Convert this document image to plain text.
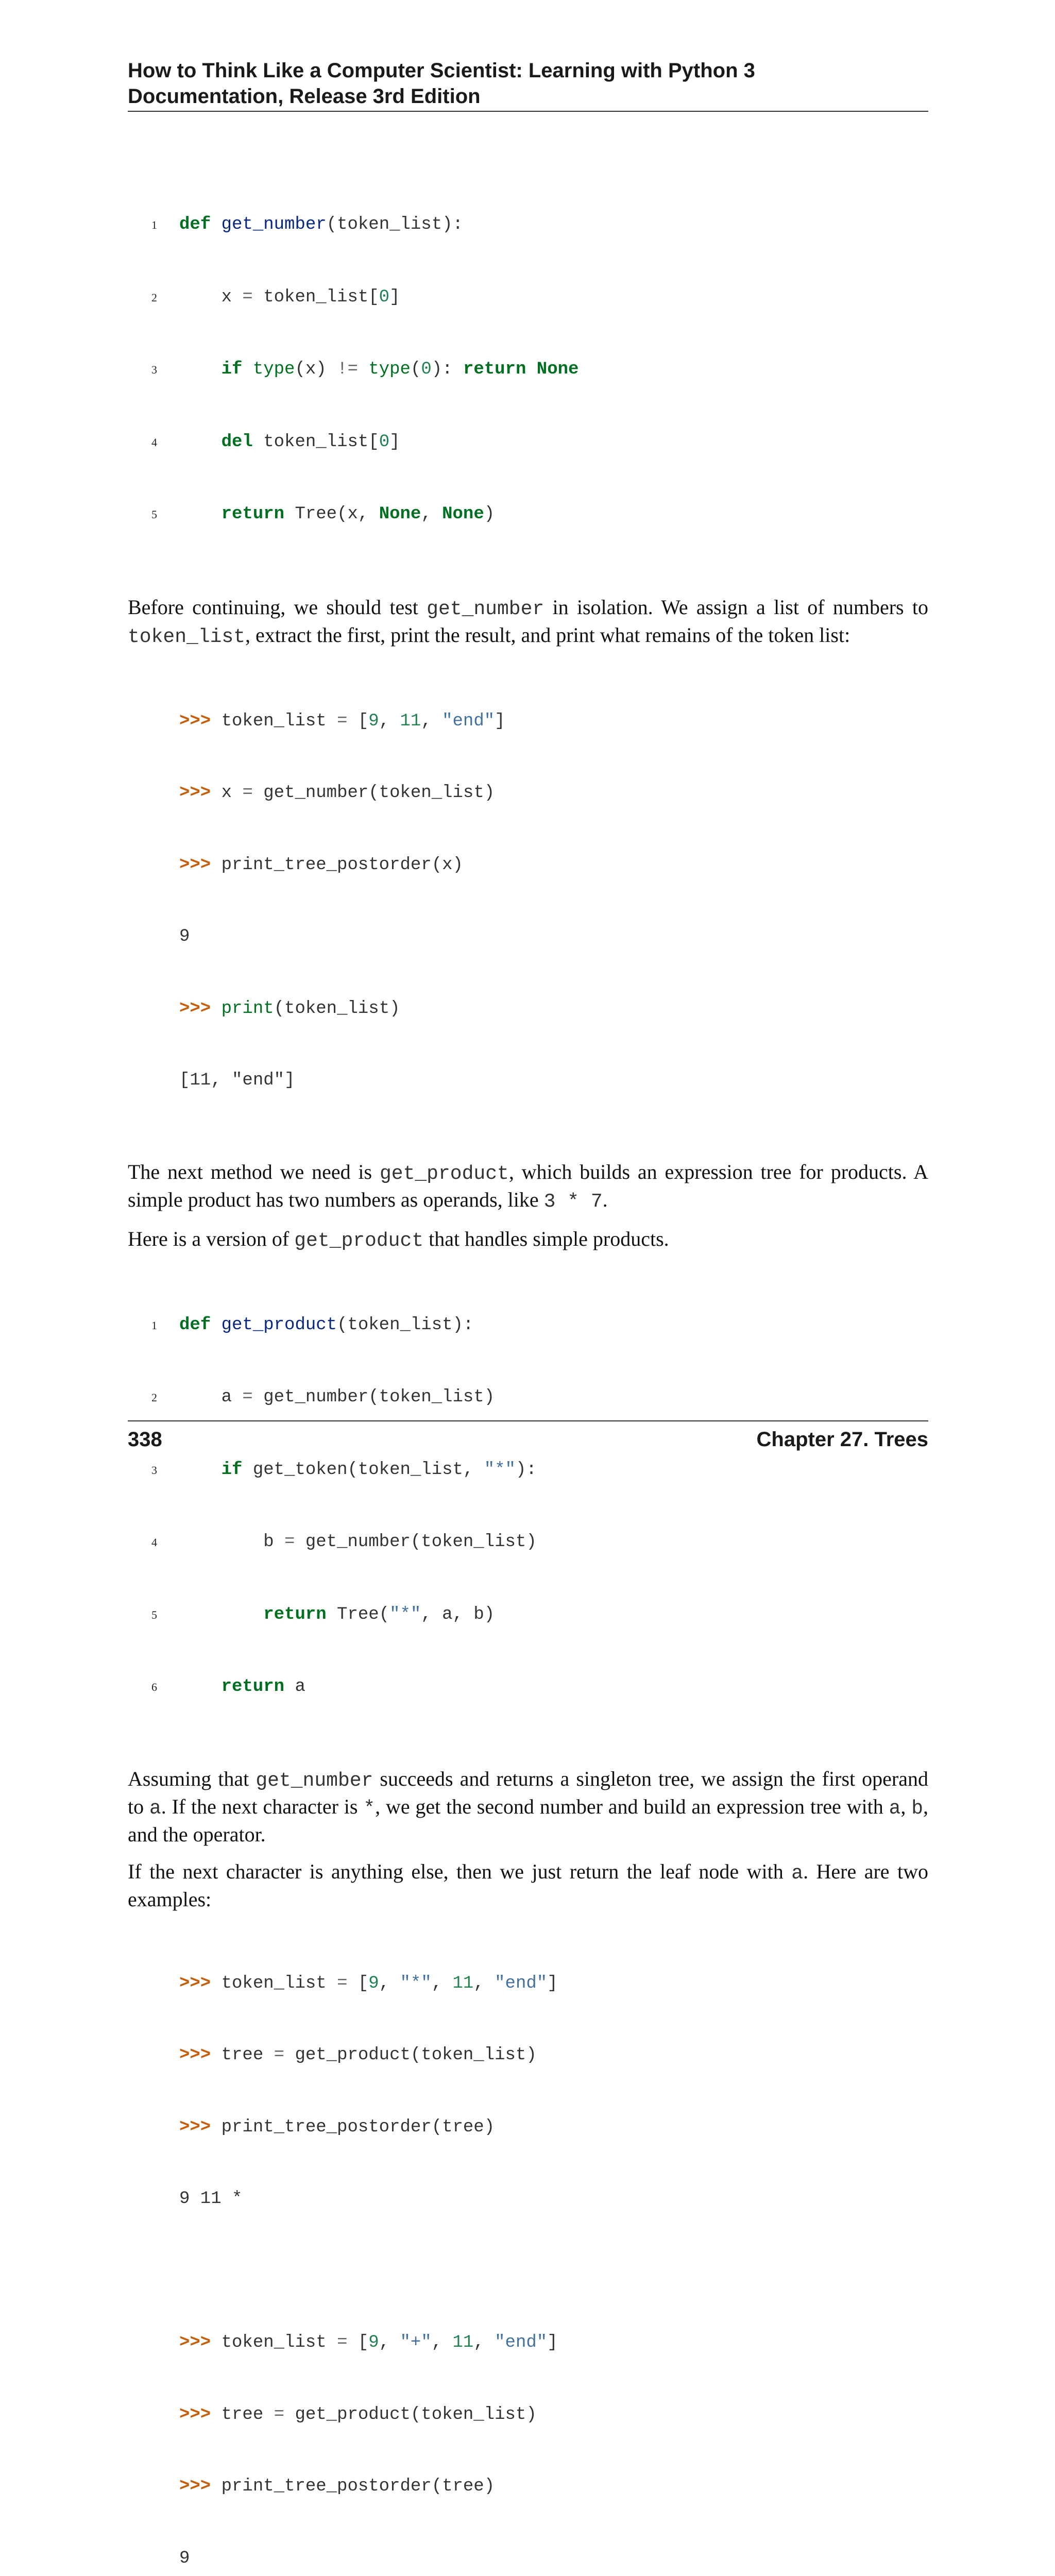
How to Think Like a Computer Scientist: Learning with Python 3
Documentation, Release 3rd Edition

1 def get_number(token_list):

2    x = token_list[0]

3	if type(x) != type(0): return None

4	del token_list[0]

5	return Tree(x, None, None)

Before continuing, we should test get_number in isolation. We assign a list of numbers to token_list, extract the first, print the result, and print what remains of the token list:

>>> token_list = [9, 11, "end"]

>>> x = get_number(token_list)

>>> print_tree_postorder(x)

9

>>> print(token_list)

[11, "end"]

The next method we need is get_product, which builds an expression tree for products. A simple product has two numbers as operands, like 3 * 7.

Here is a version of get_product that handles simple products.

1 def get_product(token_list):

2    a = get_number(token_list)

3	if get_token(token_list, "*"):

4        b = get_number(token_list)

5	return Tree("*", a, b)

6	return a

Assuming that get_number succeeds and returns a singleton tree, we assign the first operand to a. If the next character is *, we get the second number and build an expression tree with a, b, and the operator.

If the next character is anything else, then we just return the leaf node with a. Here are two examples:

>>> token_list = [9, "*", 11, "end"]

>>> tree = get_product(token_list)

>>> print_tree_postorder(tree)

9 11 *

>>> token_list = [9, "+", 11, "end"]

>>> tree = get_product(token_list)

>>> print_tree_postorder(tree)

9

338	Chapter 27. Trees
